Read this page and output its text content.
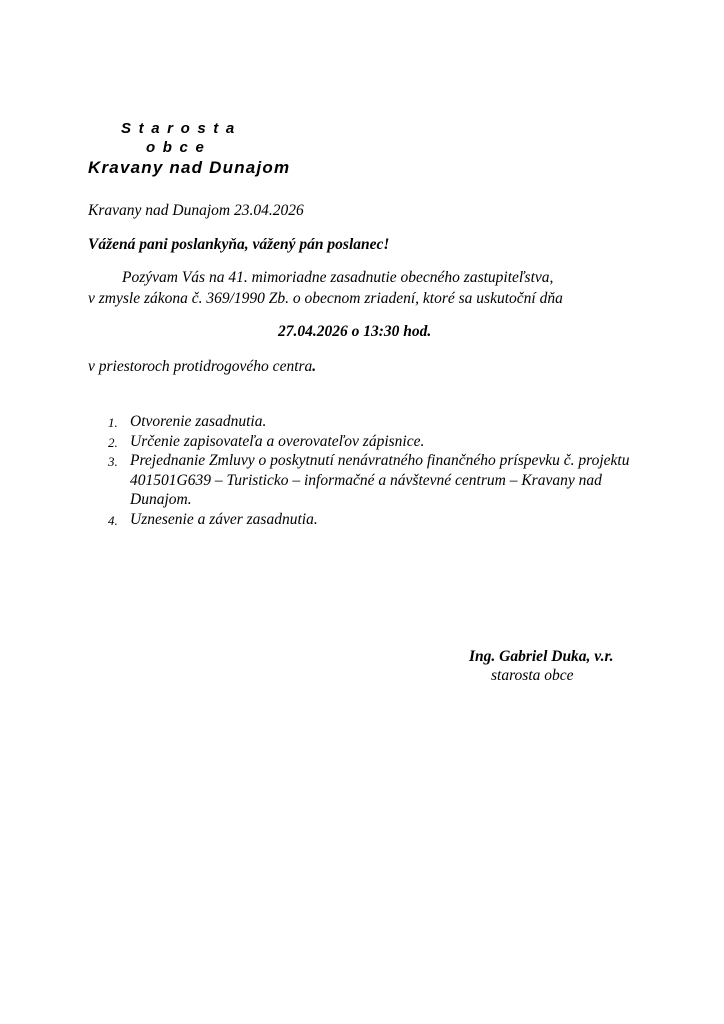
Starosta
obce
Kravany nad Dunajom
Kravany nad Dunajom 23.04.2026
Vážená pani poslankyňa, vážený pán poslanec!
Pozývam Vás na 41. mimoriadne zasadnutie obecného zastupiteľstva,
v zmysle zákona č. 369/1990 Zb. o obecnom zriadení, ktoré sa uskutoční dňa
27.04.2026 o 13:30 hod.
v priestoroch protidrogového centra.
1. Otvorenie zasadnutia.
2. Určenie zapisovateľa a overovateľov zápisnice.
3. Prejednanie Zmluvy o poskytnutí nenávratného finančného príspevku č. projektu 401501G639 – Turisticko – informačné a návštevné centrum – Kravany nad Dunajom.
4. Uznesenie a záver zasadnutia.
Ing. Gabriel Duka, v.r.
starosta obce
